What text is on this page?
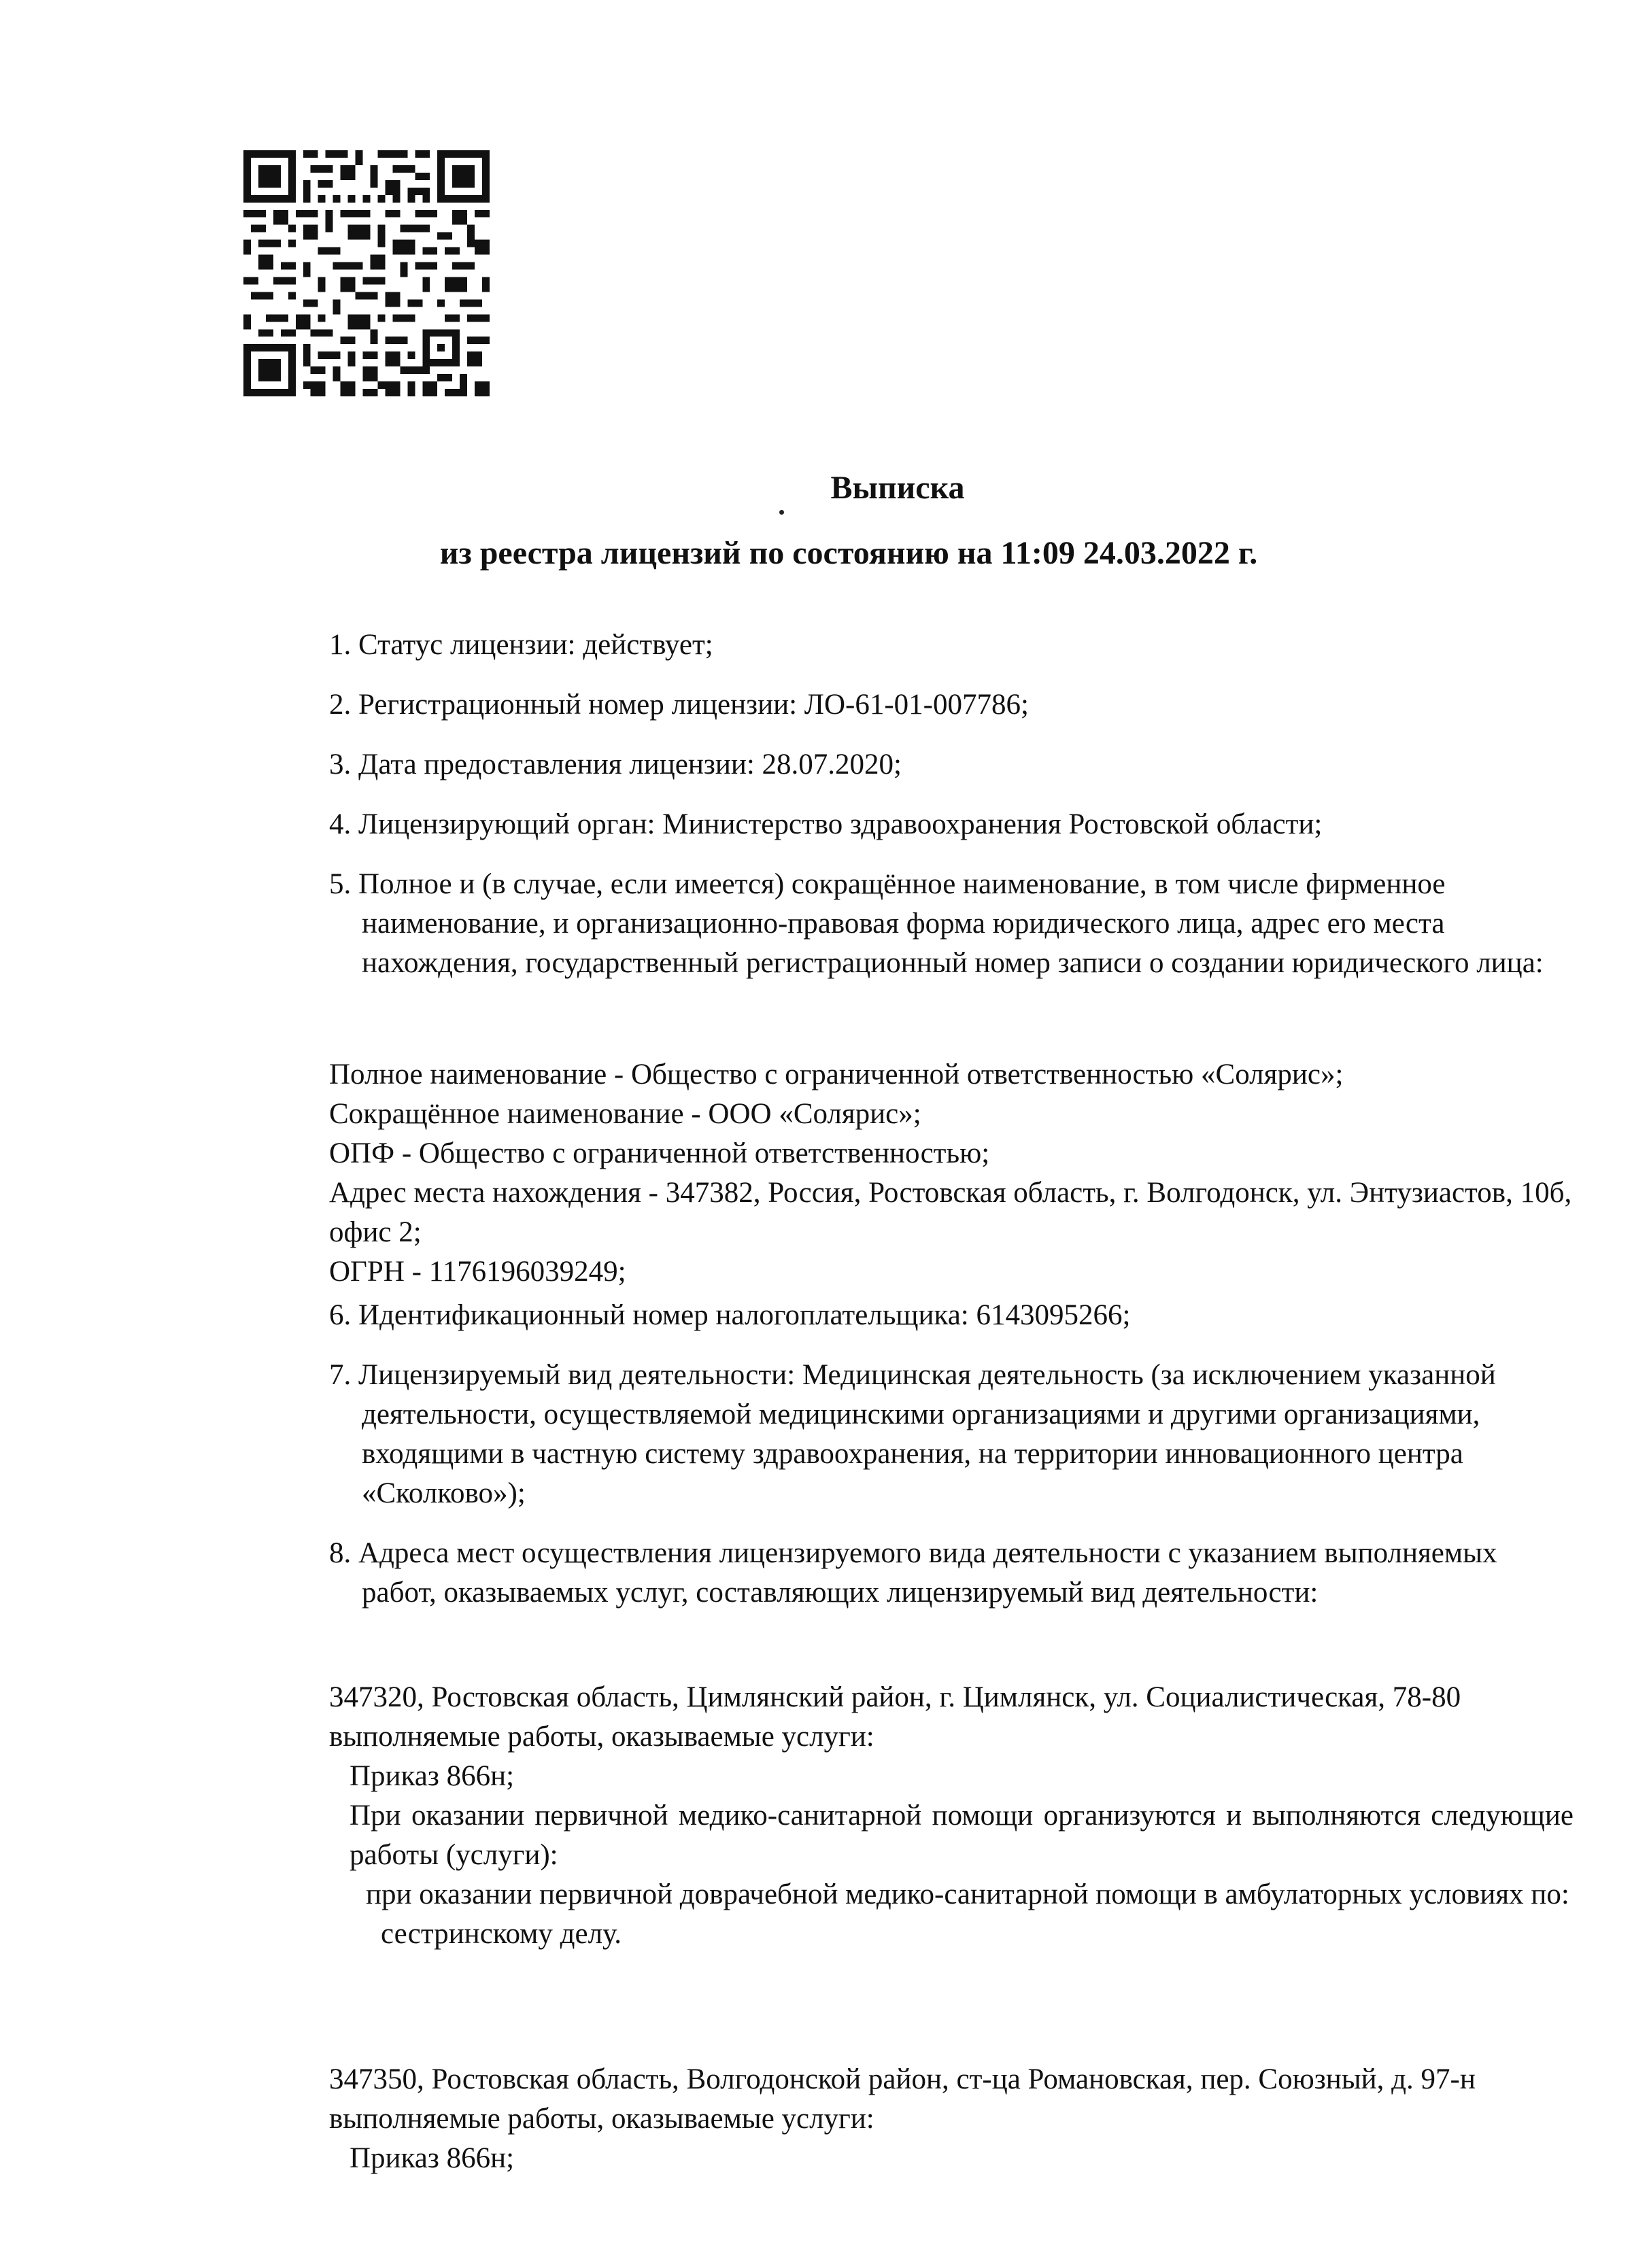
Выписка
из реестра лицензий по состоянию на 11:09 24.03.2022 г.

1. Статус лицензии: действует;

2. Регистрационный номер лицензии: ЛО-61-01-007786;

3. Дата предоставления лицензии: 28.07.2020;

4. Лицензирующий орган: Министерство здравоохранения Ростовской области;

5. Полное и (в случае, если имеется) сокращённое наименование, в том числе фирменное наименование, и организационно-правовая форма юридического лица, адрес его места нахождения, государственный регистрационный номер записи о создании юридического лица:

Полное наименование - Общество с ограниченной ответственностью «Солярис»;

Сокращённое наименование - ООО «Солярис»;

ОПФ - Общество с ограниченной ответственностью;

Адрес места нахождения - 347382, Россия, Ростовская область, г. Волгодонск, ул. Энтузиастов, 10б, офис 2;

ОГРН - 1176196039249;

6. Идентификационный номер налогоплательщика: 6143095266;

7. Лицензируемый вид деятельности: Медицинская деятельность (за исключением указанной деятельности, осуществляемой медицинскими организациями и другими организациями, входящими в частную систему здравоохранения, на территории инновационного центра «Сколково»);

8. Адреса мест осуществления лицензируемого вида деятельности с указанием выполняемых работ, оказываемых услуг, составляющих лицензируемый вид деятельности:

347320, Ростовская область, Цимлянский район, г. Цимлянск, ул. Социалистическая, 78-80

выполняемые работы, оказываемые услуги:

Приказ 866н;

При оказании первичной медико-санитарной помощи организуются и выполняются следующие работы (услуги):

при оказании первичной доврачебной медико-санитарной помощи в амбулаторных условиях по:

сестринскому делу.

347350, Ростовская область, Волгодонской район, ст-ца Романовская, пер. Союзный, д. 97-н

выполняемые работы, оказываемые услуги:

Приказ 866н;
